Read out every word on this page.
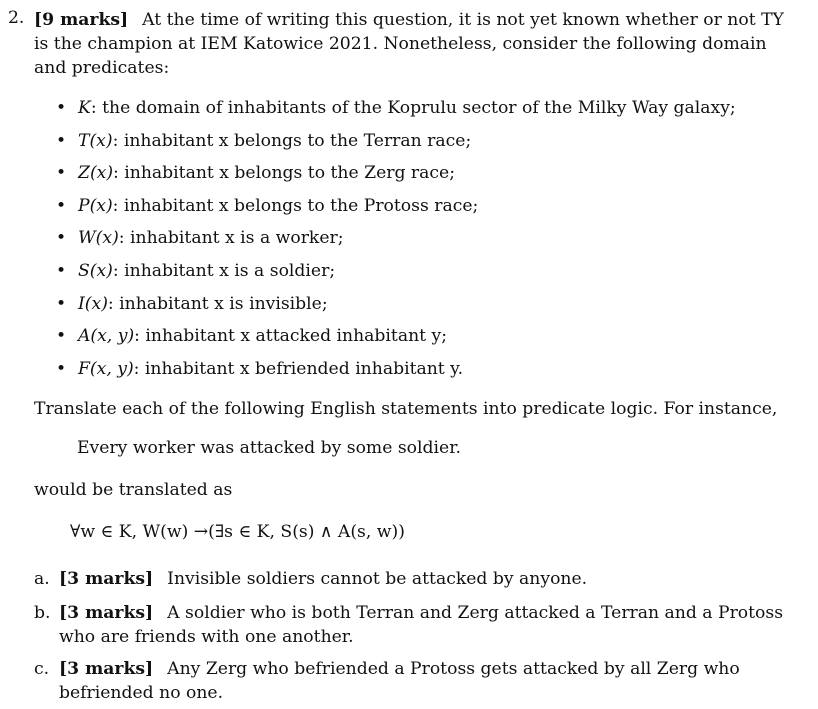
2. [9 marks] At the time of writing this question, it is not yet known whether or not TY is the champion at IEM Katowice 2021. Nonetheless, consider the following domain and predicates:
• K: the domain of inhabitants of the Koprulu sector of the Milky Way galaxy;
• T(x): inhabitant x belongs to the Terran race;
• Z(x): inhabitant x belongs to the Zerg race;
• P(x): inhabitant x belongs to the Protoss race;
• W(x): inhabitant x is a worker;
• S(x): inhabitant x is a soldier;
• I(x): inhabitant x is invisible;
• A(x, y): inhabitant x attacked inhabitant y;
• F(x, y): inhabitant x befriended inhabitant y.
Translate each of the following English statements into predicate logic. For instance,
Every worker was attacked by some soldier.
would be translated as
∀w ∈ K, W(w) →(∃s ∈ K, S(s) ∧ A(s, w))
a. [3 marks] Invisible soldiers cannot be attacked by anyone.
b. [3 marks] A soldier who is both Terran and Zerg attacked a Terran and a Protoss who are friends with one another.
c. [3 marks] Any Zerg who befriended a Protoss gets attacked by all Zerg who befriended no one.
